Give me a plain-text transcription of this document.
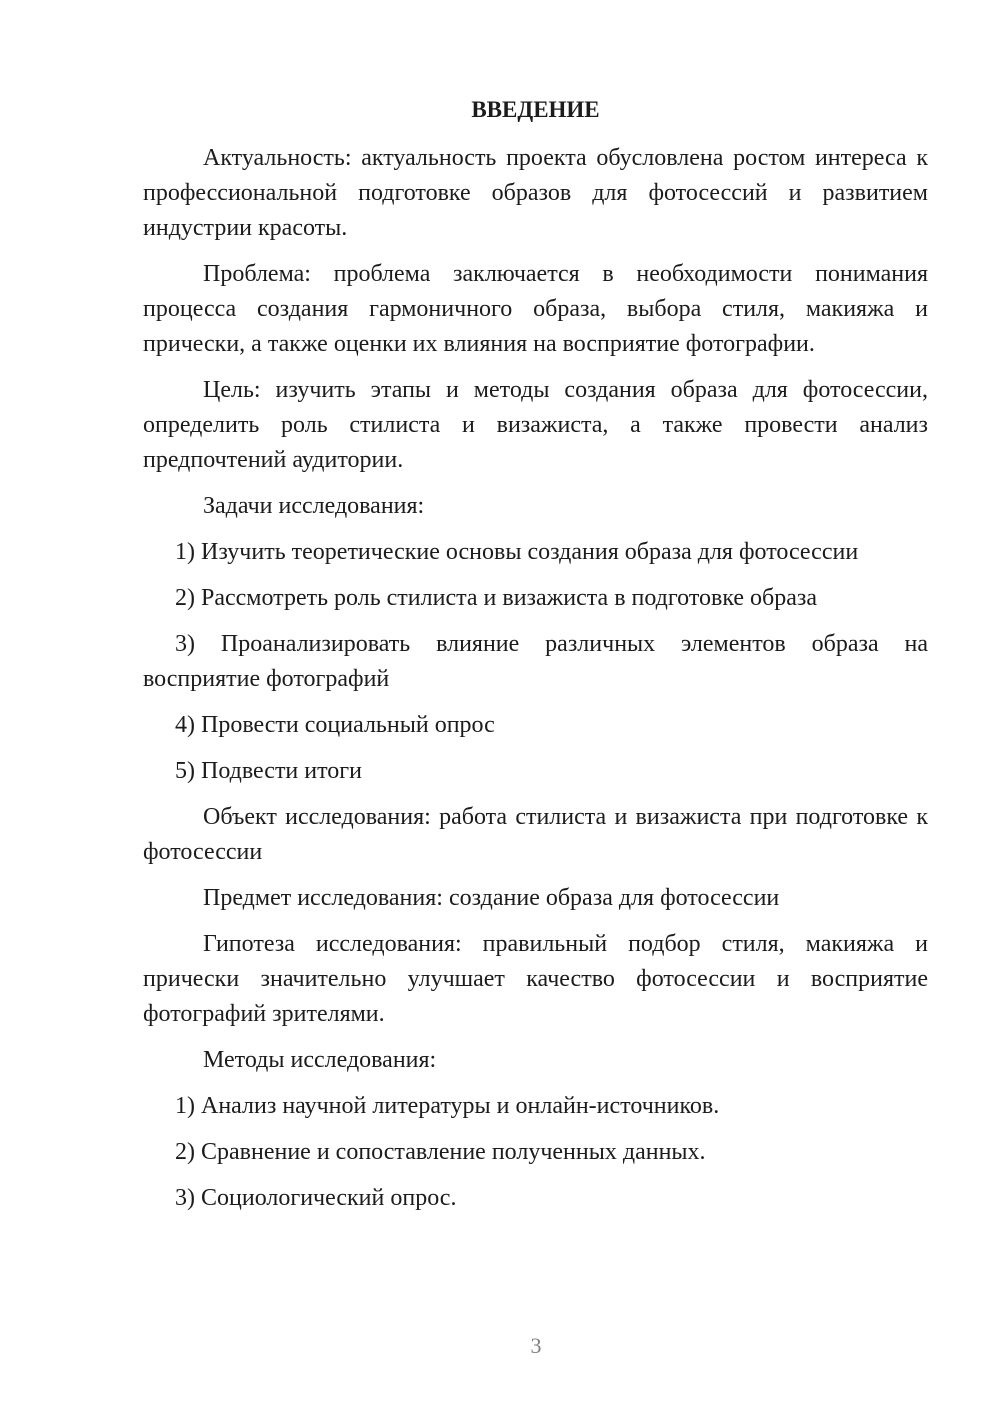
ВВЕДЕНИЕ

Актуальность: актуальность проекта обусловлена ростом интереса к профессиональной подготовке образов для фотосессий и развитием индустрии красоты.

Проблема: проблема заключается в необходимости понимания процесса создания гармоничного образа, выбора стиля, макияжа и прически, а также оценки их влияния на восприятие фотографии.

Цель: изучить этапы и методы создания образа для фотосессии, определить роль стилиста и визажиста, а также провести анализ предпочтений аудитории.

Задачи исследования:

1) Изучить теоретические основы создания образа для фотосессии

2) Рассмотреть роль стилиста и визажиста в подготовке образа

3) Проанализировать влияние различных элементов образа на восприятие фотографий

4) Провести социальный опрос

5) Подвести итоги

Объект исследования: работа стилиста и визажиста при подготовке к фотосессии

Предмет исследования: создание образа для фотосессии

Гипотеза исследования: правильный подбор стиля, макияжа и прически значительно улучшает качество фотосессии и восприятие фотографий зрителями.

Методы исследования:

1) Анализ научной литературы и онлайн-источников.

2) Сравнение и сопоставление полученных данных.

3) Социологический опрос.

3
